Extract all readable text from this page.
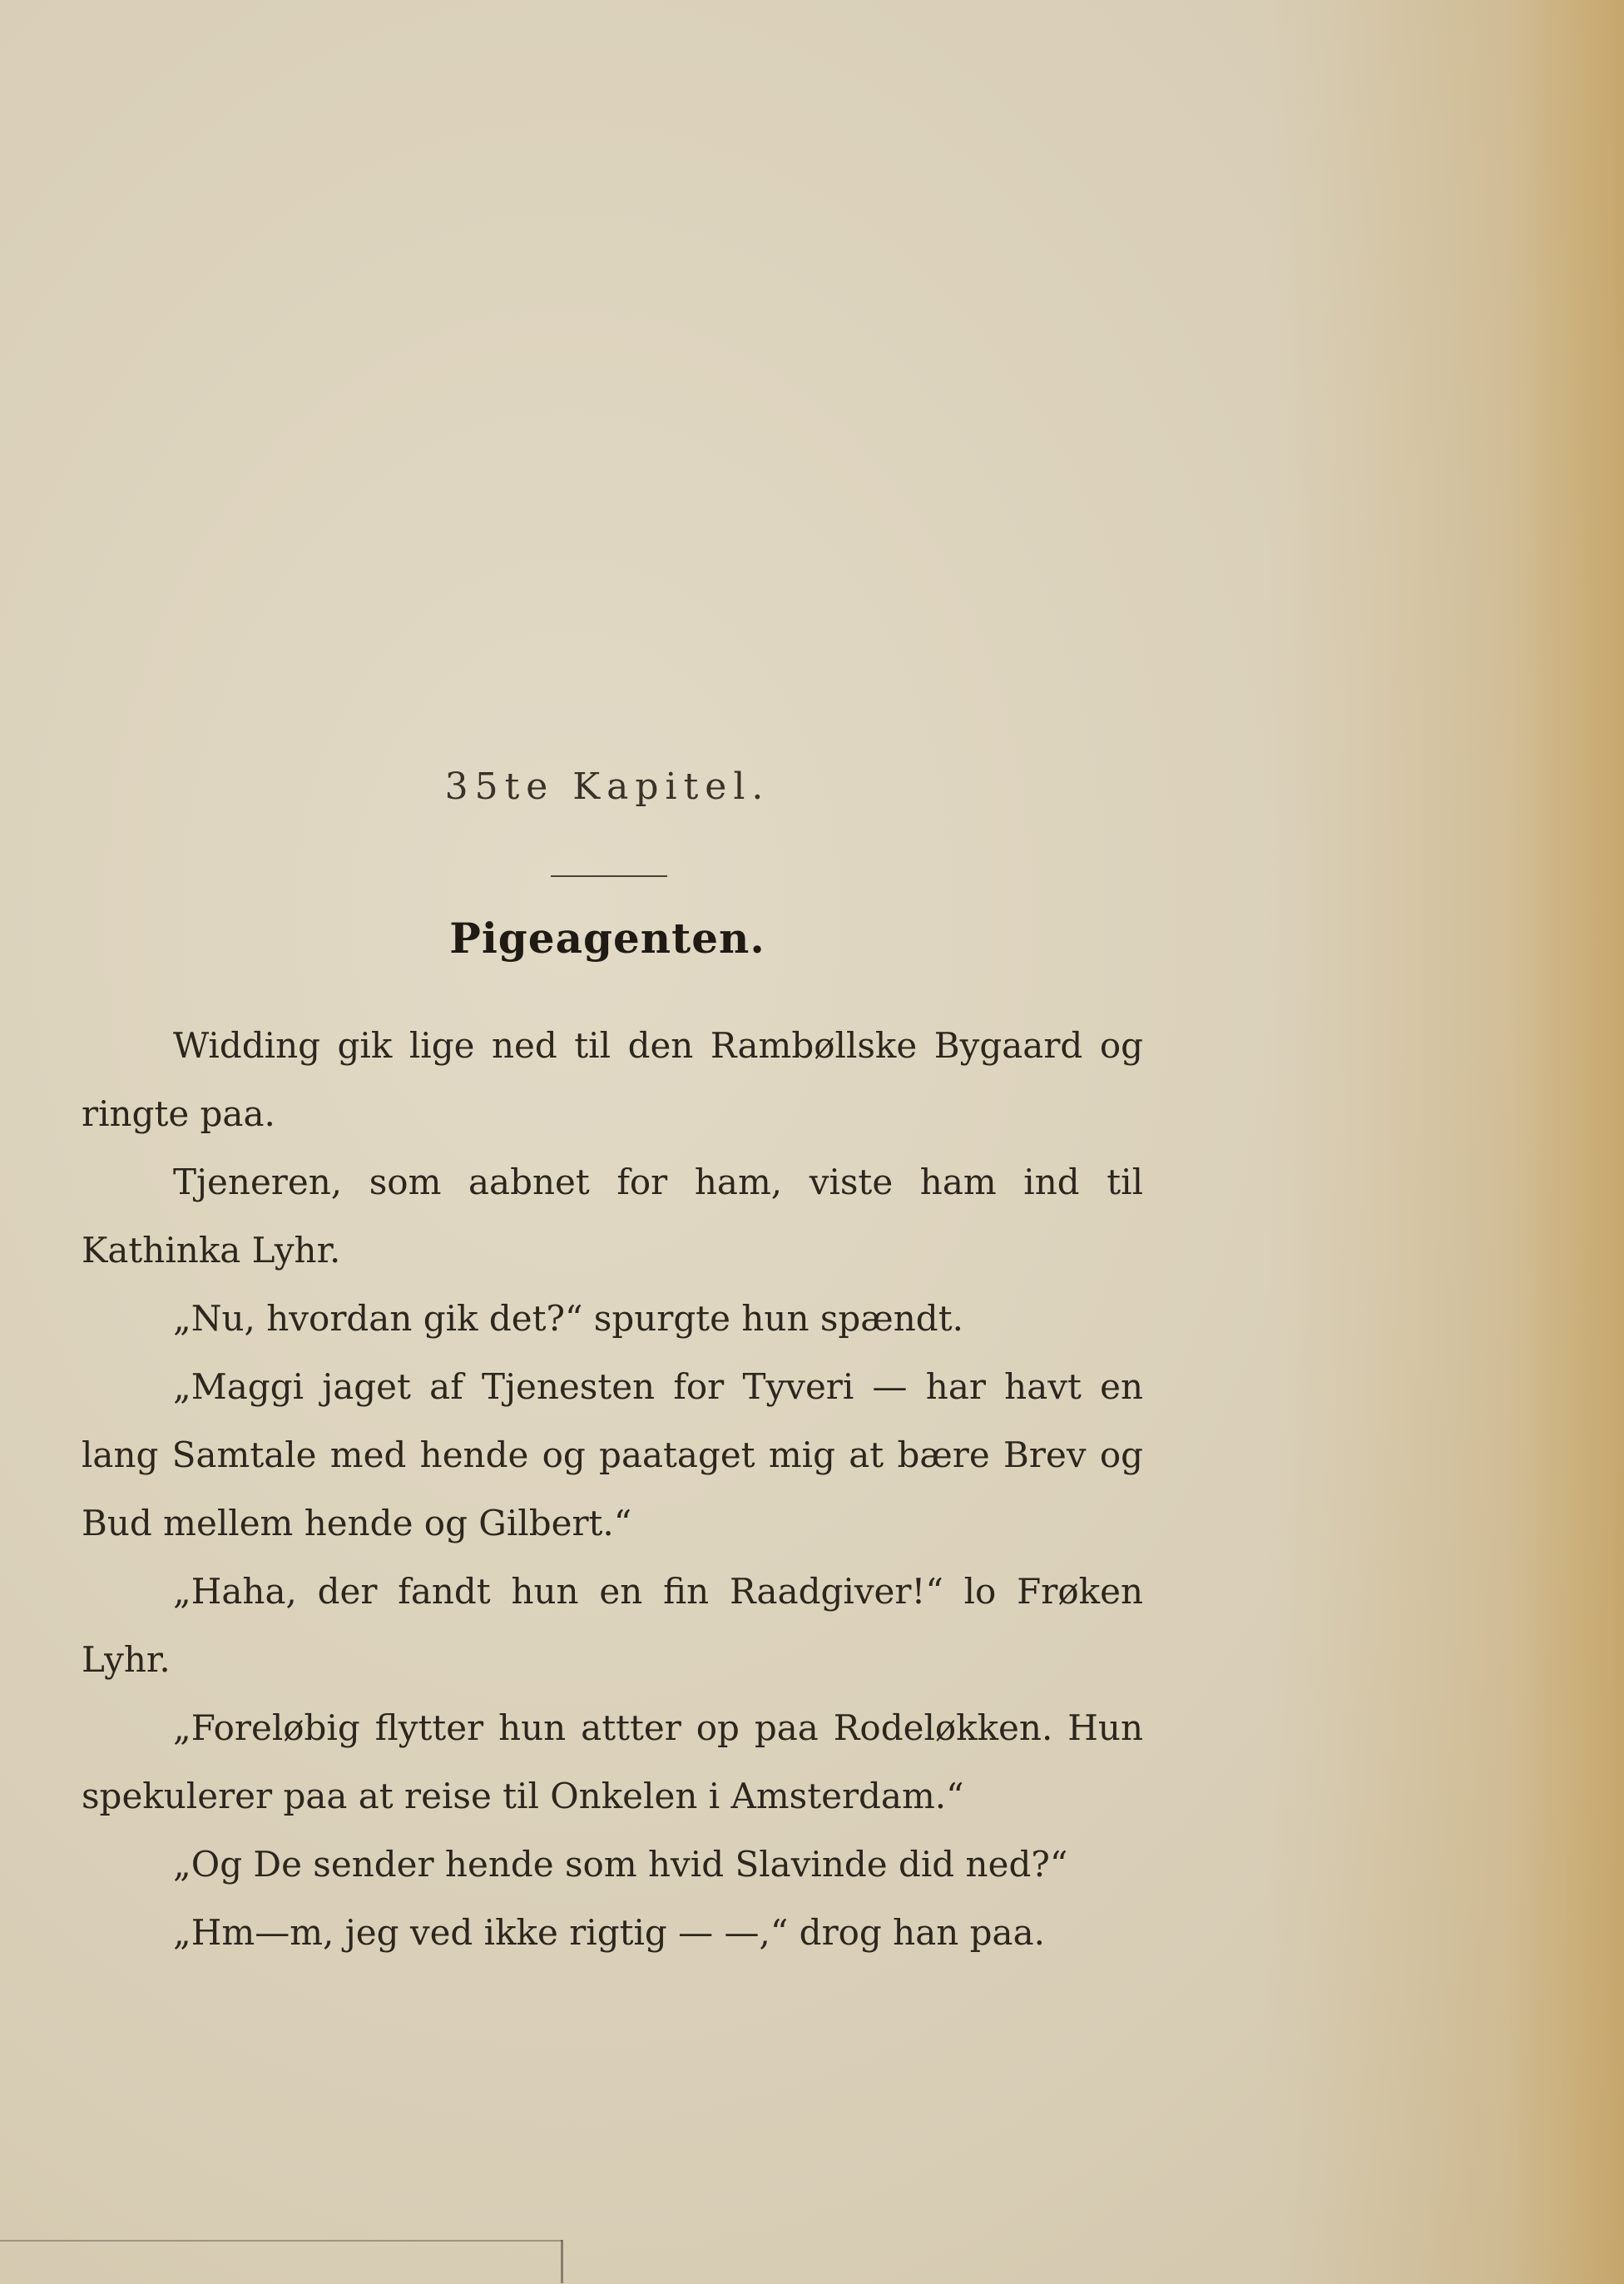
35te Kapitel.
Pigeagenten.

Widding gik lige ned til den Rambøllske Bygaard og ringte paa.

Tjeneren, som aabnet for ham, viste ham ind til Kathinka Lyhr.

„Nu, hvordan gik det?“ spurgte hun spændt.

„Maggi jaget af Tjenesten for Tyveri — har havt en lang Samtale med hende og paataget mig at bære Brev og Bud mellem hende og Gilbert.“

„Haha, der fandt hun en fin Raadgiver!“ lo Frøken Lyhr.

„Foreløbig flytter hun attter op paa Rodeløkken. Hun spekulerer paa at reise til Onkelen i Amsterdam.“

„Og De sender hende som hvid Slavinde did ned?“

„Hm—m, jeg ved ikke rigtig — —,“ drog han paa.
